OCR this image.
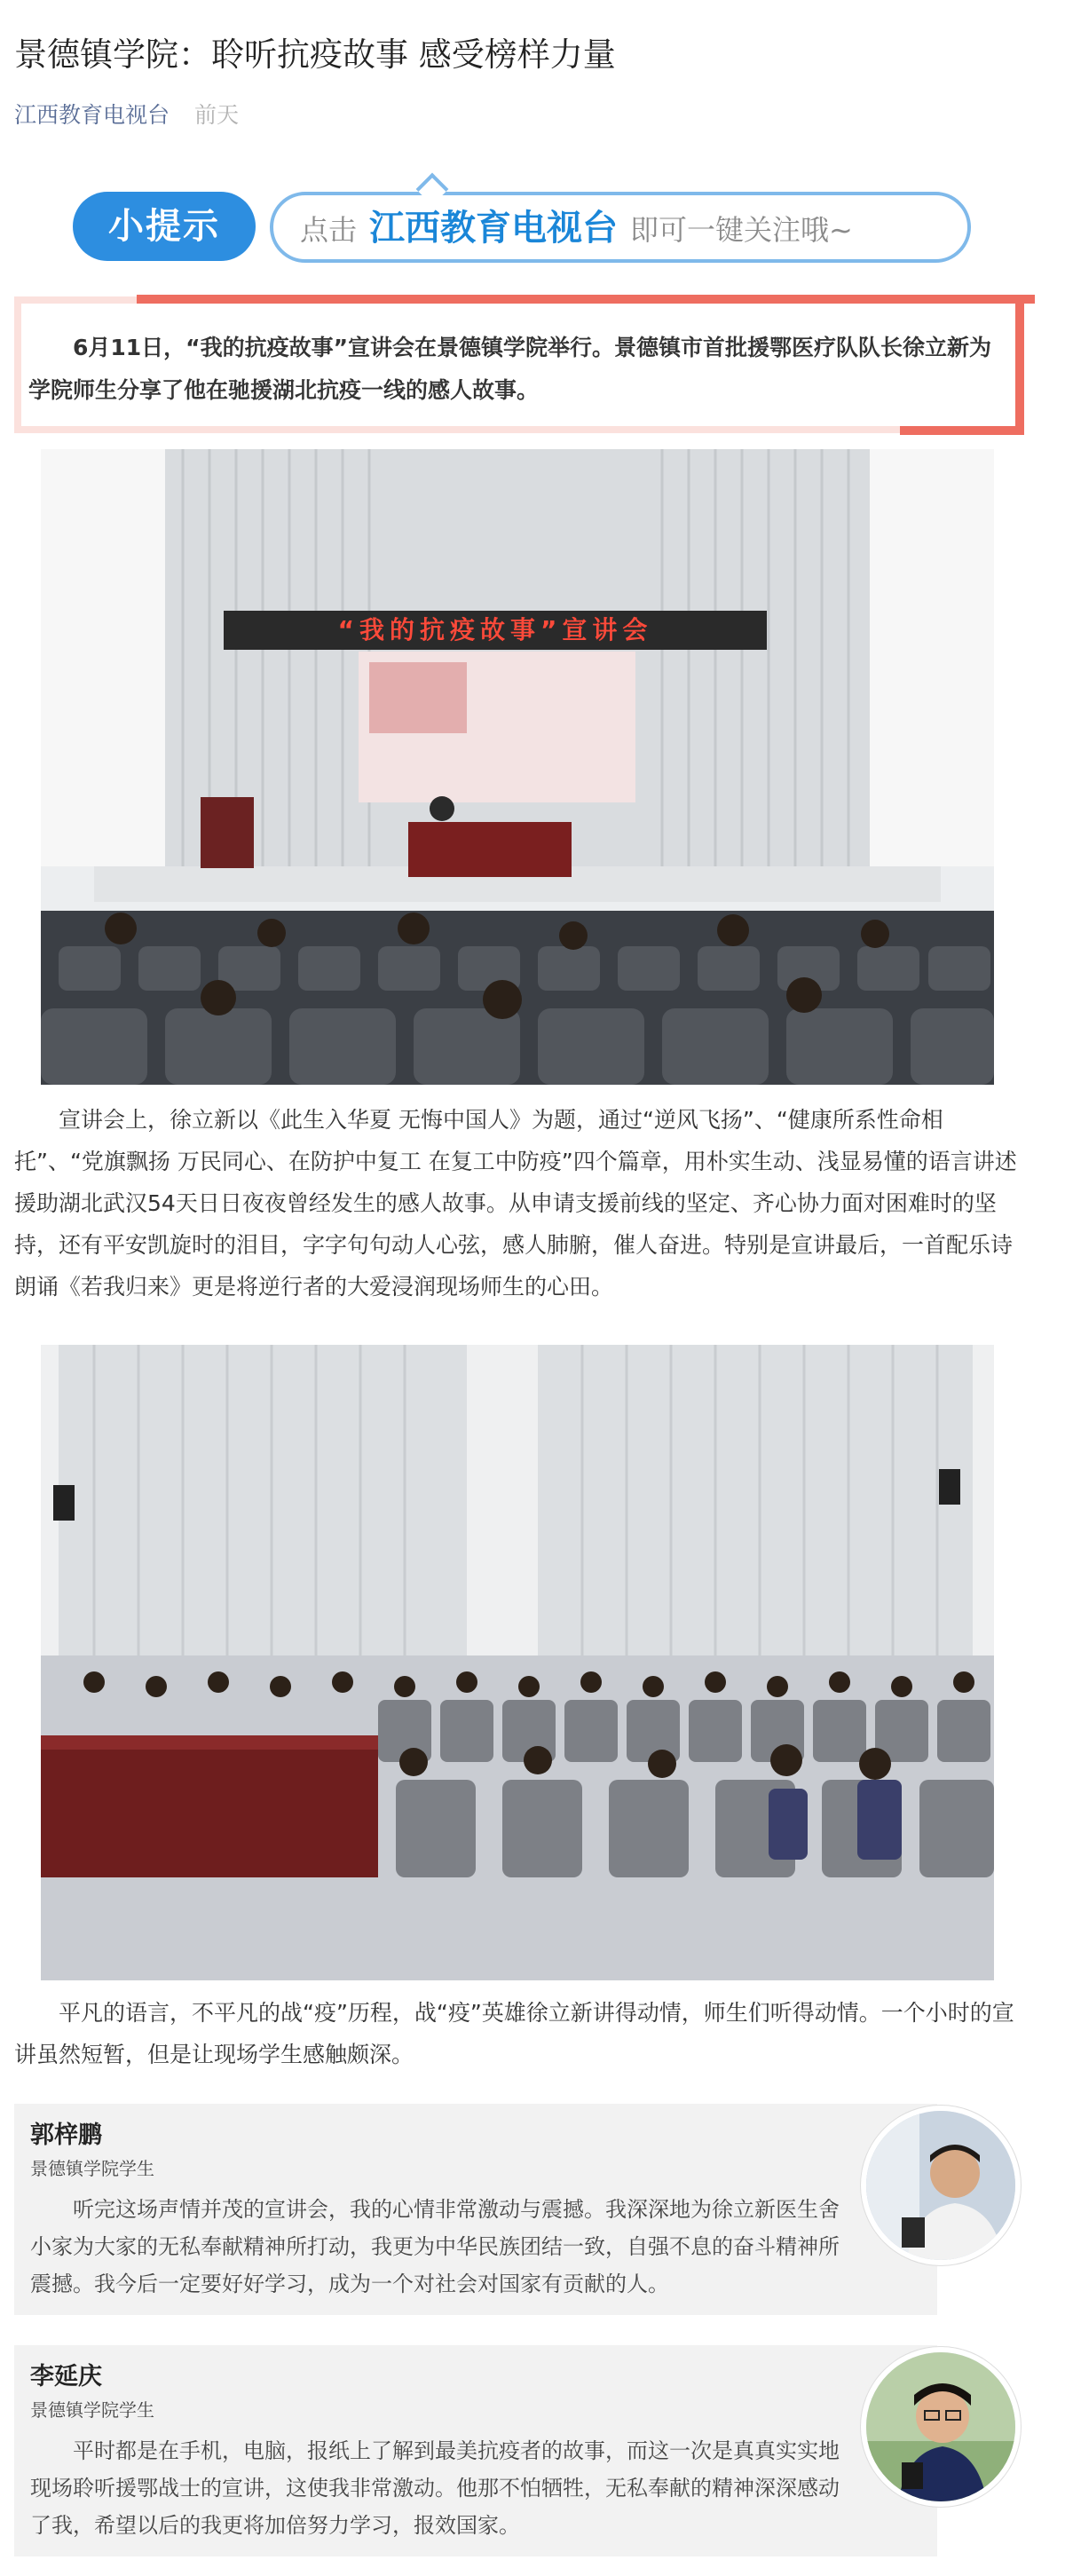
景德镇学院：聆听抗疫故事 感受榜样力量
江西教育电视台 前天
小提示	点击 江西教育电视台 即可一键关注哦~

6月11日，“我的抗疫故事”宣讲会在景德镇学院举行。景德镇市首批援鄂医疗队队长徐立新为学院师生分享了他在驰援湖北抗疫一线的感人故事。

“我的抗疫故事”宣讲会

宣讲会上，徐立新以《此生入华夏 无悔中国人》为题，通过“逆风飞扬”、“健康所系性命相托”、“党旗飘扬 万民同心、在防护中复工 在复工中防疫”四个篇章，用朴实生动、浅显易懂的语言讲述援助湖北武汉54天日日夜夜曾经发生的感人故事。从申请支援前线的坚定、齐心协力面对困难时的坚持，还有平安凯旋时的泪目，字字句句动人心弦，感人肺腑，催人奋进。特别是宣讲最后，一首配乐诗朗诵《若我归来》更是将逆行者的大爱浸润现场师生的心田。

平凡的语言，不平凡的战“疫”历程，战“疫”英雄徐立新讲得动情，师生们听得动情。一个小时的宣讲虽然短暂，但是让现场学生感触颇深。

郭梓鹏
景德镇学院学生

听完这场声情并茂的宣讲会，我的心情非常激动与震撼。我深深地为徐立新医生舍小家为大家的无私奉献精神所打动，我更为中华民族团结一致，自强不息的奋斗精神所震撼。我今后一定要好好学习，成为一个对社会对国家有贡献的人。

李延庆
景德镇学院学生

平时都是在手机，电脑，报纸上了解到最美抗疫者的故事，而这一次是真真实实地现场聆听援鄂战士的宣讲，这使我非常激动。他那不怕牺牲，无私奉献的精神深深感动了我，希望以后的我更将加倍努力学习，报效国家。
